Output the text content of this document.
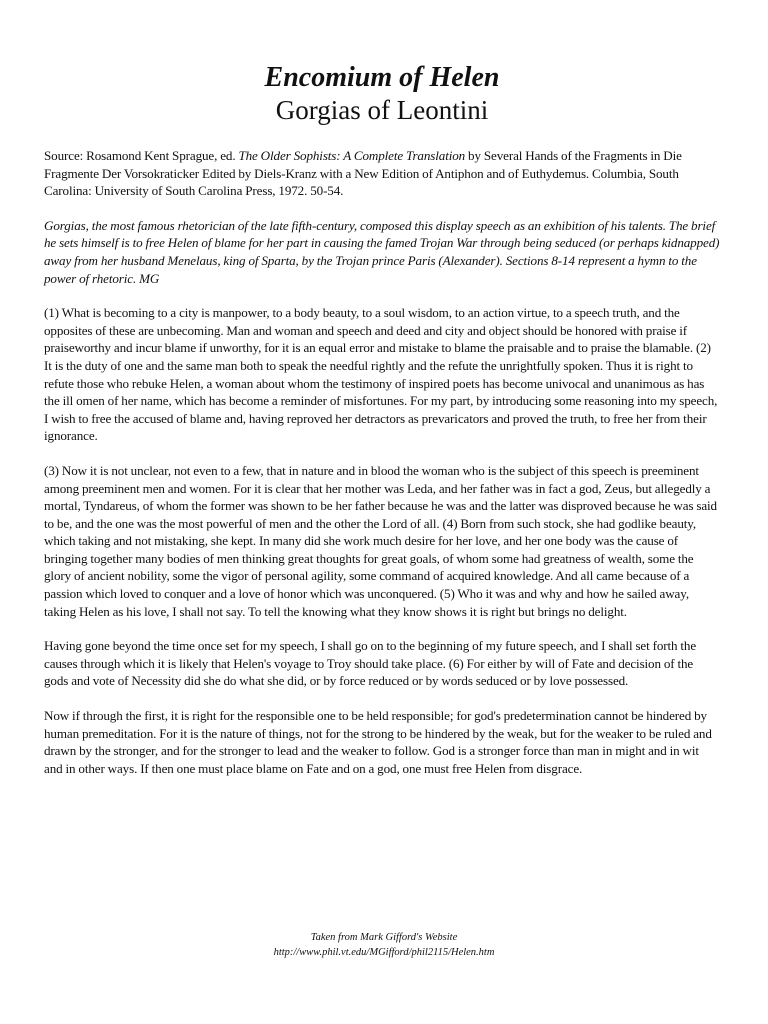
Encomium of Helen
Gorgias of Leontini

Source: Rosamond Kent Sprague, ed. The Older Sophists: A Complete Translation by Several Hands of the Fragments in Die Fragmente Der Vorsokraticker Edited by Diels-Kranz with a New Edition of Antiphon and of Euthydemus. Columbia, South Carolina: University of South Carolina Press, 1972. 50-54.

Gorgias, the most famous rhetorician of the late fifth-century, composed this display speech as an exhibition of his talents. The brief he sets himself is to free Helen of blame for her part in causing the famed Trojan War through being seduced (or perhaps kidnapped) away from her husband Menelaus, king of Sparta, by the Trojan prince Paris (Alexander). Sections 8-14 represent a hymn to the power of rhetoric. MG

(1) What is becoming to a city is manpower, to a body beauty, to a soul wisdom, to an action virtue, to a speech truth, and the opposites of these are unbecoming. Man and woman and speech and deed and city and object should be honored with praise if praiseworthy and incur blame if unworthy, for it is an equal error and mistake to blame the praisable and to praise the blamable. (2) It is the duty of one and the same man both to speak the needful rightly and the refute the unrightfully spoken. Thus it is right to refute those who rebuke Helen, a woman about whom the testimony of inspired poets has become univocal and unanimous as has the ill omen of her name, which has become a reminder of misfortunes. For my part, by introducing some reasoning into my speech, I wish to free the accused of blame and, having reproved her detractors as prevaricators and proved the truth, to free her from their ignorance.

(3) Now it is not unclear, not even to a few, that in nature and in blood the woman who is the subject of this speech is preeminent among preeminent men and women. For it is clear that her mother was Leda, and her father was in fact a god, Zeus, but allegedly a mortal, Tyndareus, of whom the former was shown to be her father because he was and the latter was disproved because he was said to be, and the one was the most powerful of men and the other the Lord of all. (4) Born from such stock, she had godlike beauty, which taking and not mistaking, she kept. In many did she work much desire for her love, and her one body was the cause of bringing together many bodies of men thinking great thoughts for great goals, of whom some had greatness of wealth, some the glory of ancient nobility, some the vigor of personal agility, some command of acquired knowledge. And all came because of a passion which loved to conquer and a love of honor which was unconquered. (5) Who it was and why and how he sailed away, taking Helen as his love, I shall not say. To tell the knowing what they know shows it is right but brings no delight.

Having gone beyond the time once set for my speech, I shall go on to the beginning of my future speech, and I shall set forth the causes through which it is likely that Helen's voyage to Troy should take place. (6) For either by will of Fate and decision of the gods and vote of Necessity did she do what she did, or by force reduced or by words seduced or by love possessed.

Now if through the first, it is right for the responsible one to be held responsible; for god's predetermination cannot be hindered by human premeditation. For it is the nature of things, not for the strong to be hindered by the weak, but for the weaker to be ruled and drawn by the stronger, and for the stronger to lead and the weaker to follow. God is a stronger force than man in might and in wit and in other ways. If then one must place blame on Fate and on a god, one must free Helen from disgrace.

Taken from Mark Gifford's Website
http://www.phil.vt.edu/MGifford/phil2115/Helen.htm
